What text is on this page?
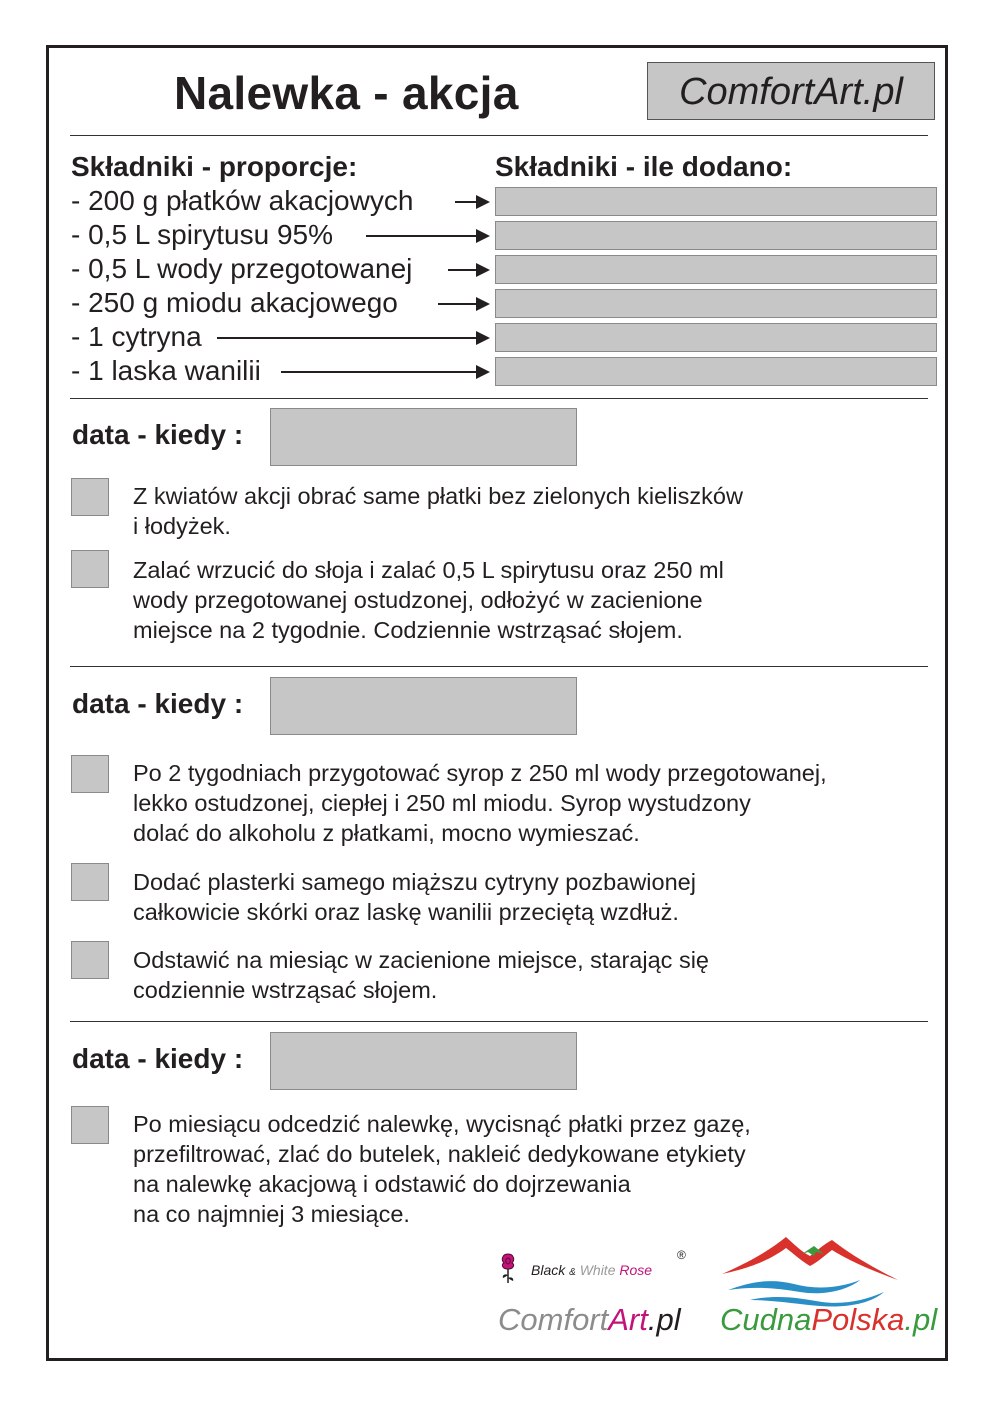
Nalewka - akcja	ComfortArt.pl
Składniki - proporcje:	Składniki - ile dodano:
- 200 g płatków akacjowych
- 0,5 L spirytusu 95%
- 0,5 L wody przegotowanej
- 250 g miodu akacjowego
- 1 cytryna
- 1 laska wanilii
data - kiedy :
Z kwiatów akcji obrać same płatki bez zielonych kieliszków
i łodyżek.
Zalać wrzucić do słoja i zalać 0,5 L spirytusu oraz 250 ml
wody przegotowanej ostudzonej, odłożyć w zacienione
miejsce na 2 tygodnie. Codziennie wstrząsać słojem.
data - kiedy :
Po 2 tygodniach przygotować syrop z 250 ml wody przegotowanej,
lekko ostudzonej, ciepłej i 250 ml miodu. Syrop wystudzony
dolać do alkoholu z płatkami, mocno wymieszać.
Dodać plasterki samego miąższu cytryny pozbawionej
całkowicie skórki oraz laskę wanilii przeciętą wzdłuż.
Odstawić na miesiąc w zacienione miejsce, starając się
codziennie wstrząsać słojem.
data - kiedy :
Po miesiącu odcedzić nalewkę, wycisnąć płatki przez gazę,
przefiltrować, zlać do butelek, nakleić dedykowane etykiety
na nalewkę akacjową i odstawić do dojrzewania
na co najmniej 3 miesiące.
Black & White Rose
®
ComfortArt.pl CudnaPolska.pl
